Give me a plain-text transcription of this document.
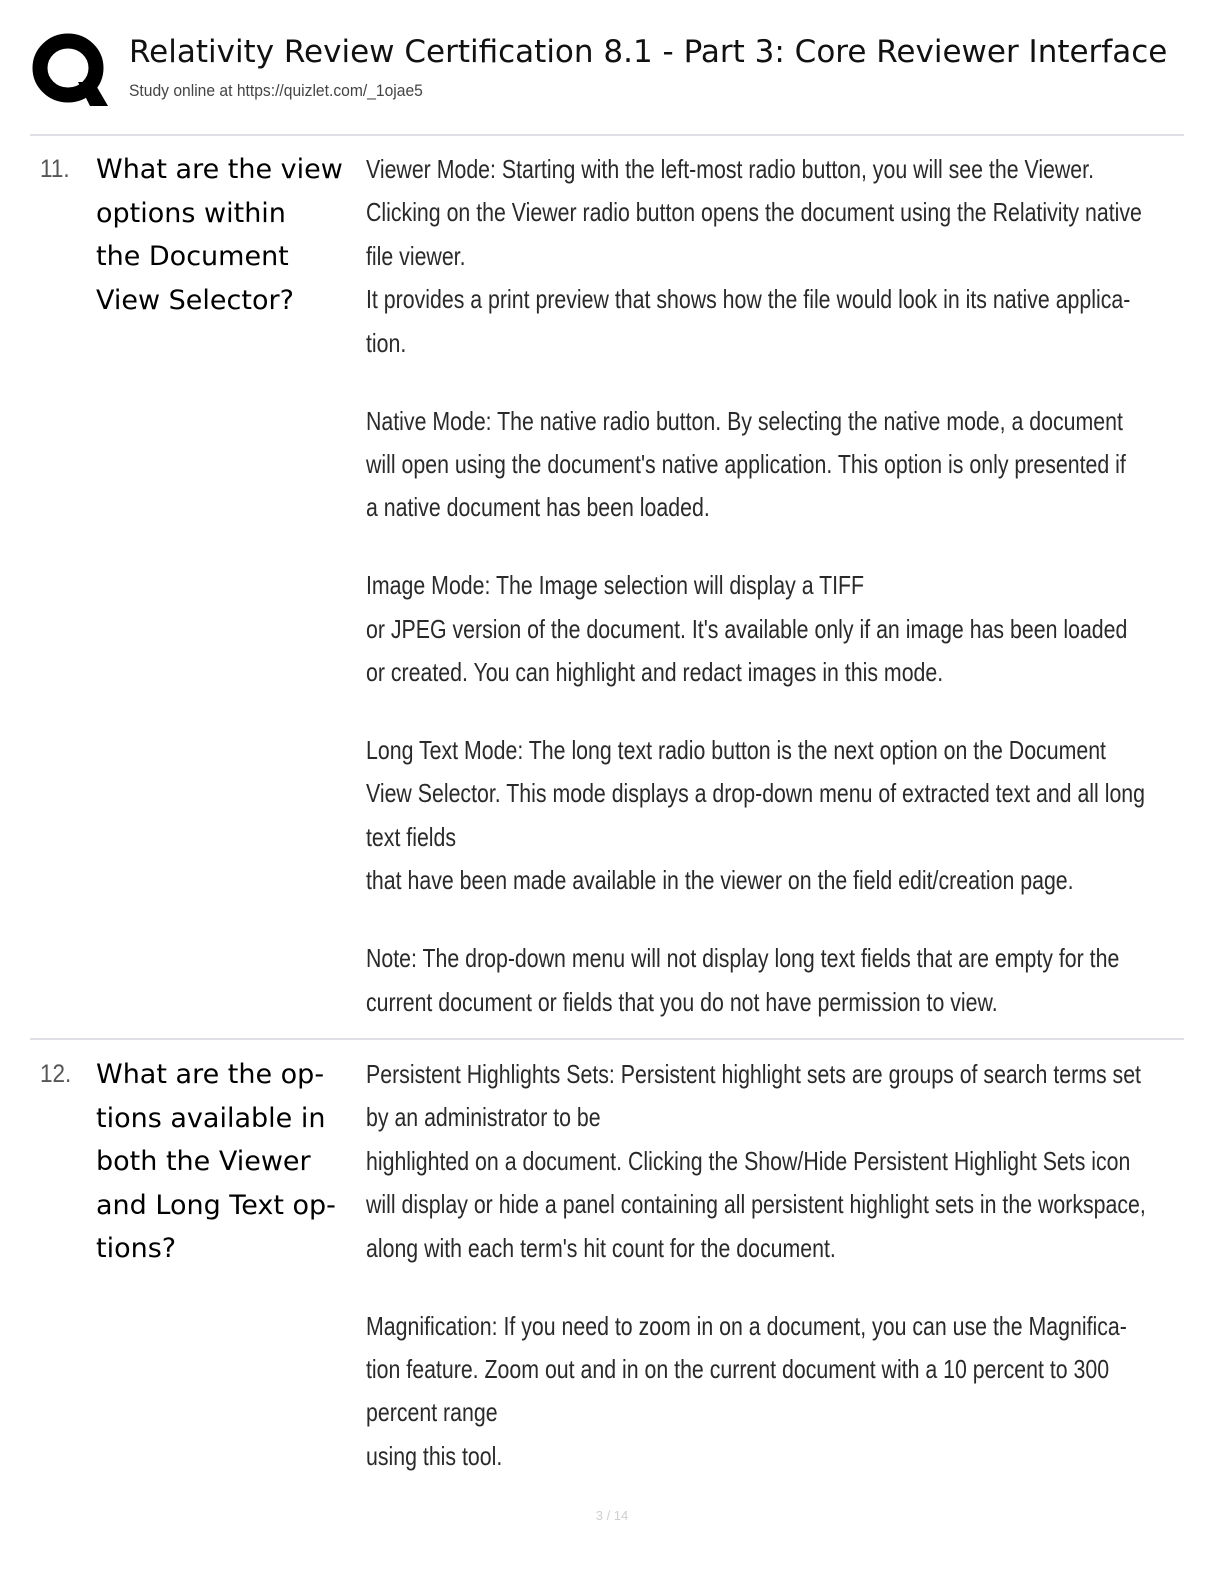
Relativity Review Certification 8.1 - Part 3: Core Reviewer Interface
Study online at https://quizlet.com/_1ojae5
11. What are the view
options within
the Document
View Selector?
Viewer Mode: Starting with the left-most radio button, you will see the Viewer.
Clicking on the Viewer radio button opens the document using the Relativity native
file viewer.
It provides a print preview that shows how the file would look in its native applica-
tion.
Native Mode: The native radio button. By selecting the native mode, a document
will open using the document's native application. This option is only presented if
a native document has been loaded.
Image Mode: The Image selection will display a TIFF
or JPEG version of the document. It's available only if an image has been loaded
or created. You can highlight and redact images in this mode.
Long Text Mode: The long text radio button is the next option on the Document
View Selector. This mode displays a drop-down menu of extracted text and all long
text fields
that have been made available in the viewer on the field edit/creation page.
Note: The drop-down menu will not display long text fields that are empty for the
current document or fields that you do not have permission to view.
12. What are the op-
tions available in
both the Viewer
and Long Text op-
tions?
Persistent Highlights Sets: Persistent highlight sets are groups of search terms set
by an administrator to be
highlighted on a document. Clicking the Show/Hide Persistent Highlight Sets icon
will display or hide a panel containing all persistent highlight sets in the workspace,
along with each term's hit count for the document.
Magnification: If you need to zoom in on a document, you can use the Magnifica-
tion feature. Zoom out and in on the current document with a 10 percent to 300
percent range
using this tool.
3 / 14
